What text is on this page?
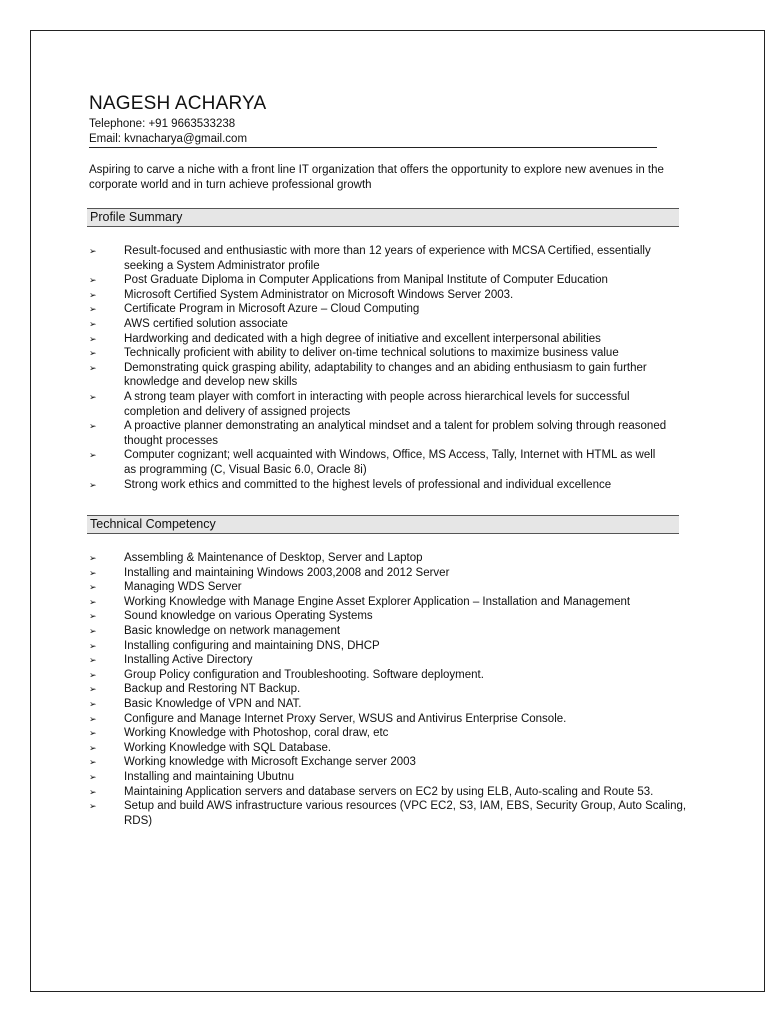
NAGESH ACHARYA
Telephone: +91 9663533238
Email: kvnacharya@gmail.com
Aspiring to carve a niche with a front line IT organization that offers the opportunity to explore new avenues in the corporate world and in turn achieve professional growth
Profile Summary
➢ Result-focused and enthusiastic with more than 12 years of experience with MCSA Certified, essentially seeking a System Administrator profile
➢ Post Graduate Diploma in Computer Applications from Manipal Institute of Computer Education
➢ Microsoft Certified System Administrator on Microsoft Windows Server 2003.
➢ Certificate Program in Microsoft Azure – Cloud Computing
➢ AWS certified solution associate
➢ Hardworking and dedicated with a high degree of initiative and excellent interpersonal abilities
➢ Technically proficient with ability to deliver on-time technical solutions to maximize business value
➢ Demonstrating quick grasping ability, adaptability to changes and an abiding enthusiasm to gain further knowledge and develop new skills
➢ A strong team player with comfort in interacting with people across hierarchical levels for successful completion and delivery of assigned projects
➢ A proactive planner demonstrating an analytical mindset and a talent for problem solving through reasoned thought processes
➢ Computer cognizant; well acquainted with Windows, Office, MS Access, Tally, Internet with HTML as well as programming (C, Visual Basic 6.0, Oracle 8i)
➢ Strong work ethics and committed to the highest levels of professional and individual excellence
Technical Competency
➢ Assembling & Maintenance of Desktop, Server and Laptop
➢ Installing and maintaining Windows 2003,2008 and 2012 Server
➢ Managing WDS Server
➢ Working Knowledge with Manage Engine Asset Explorer Application – Installation and Management
➢ Sound knowledge on various Operating Systems
➢ Basic knowledge on network management
➢ Installing configuring and maintaining DNS, DHCP
➢ Installing Active Directory
➢ Group Policy configuration and Troubleshooting. Software deployment.
➢ Backup and Restoring NT Backup.
➢ Basic Knowledge of VPN and NAT.
➢ Configure and Manage Internet Proxy Server, WSUS and Antivirus Enterprise Console.
➢ Working Knowledge with Photoshop, coral draw, etc
➢ Working Knowledge with SQL Database.
➢ Working knowledge with Microsoft Exchange server 2003
➢ Installing and maintaining Ubutnu
➢ Maintaining Application servers and database servers on EC2 by using ELB, Auto-scaling and Route 53.
➢ Setup and build AWS infrastructure various resources (VPC EC2, S3, IAM, EBS, Security Group, Auto Scaling, RDS)
